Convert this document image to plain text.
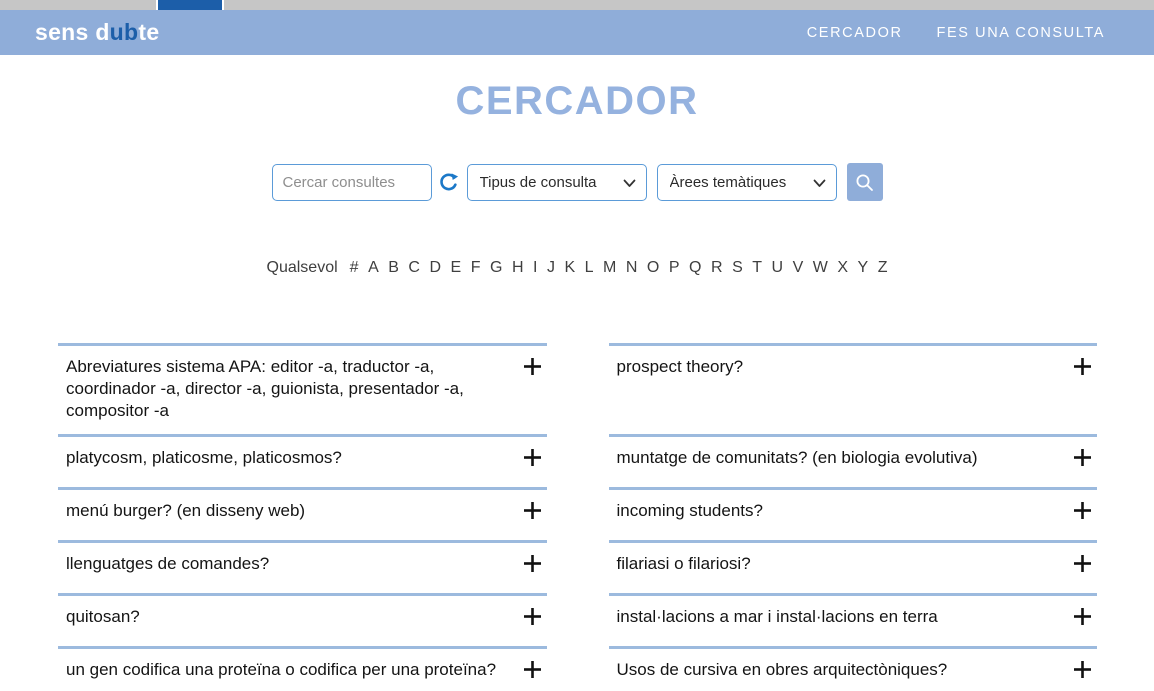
sens dubte	CERCADOR FES UNA CONSULTA
CERCADOR
Cercar consultes
Tipus de consulta
Àrees temàtiques
Qualsevol # A B C D E F G H I J K L M N O P Q R S T U V W X Y Z
Abreviatures sistema APA: editor -a, traductor -a, coordinador -a, director -a, guionista, presentador -a, compositor -a
prospect theory?
platycosm, platicosme, platicosmos?	muntatge de comunitats? (en biologia evolutiva)
menú burger? (en disseny web)	incoming students?
llenguatges de comandes?	filariasi o filariosi?
quitosan?	instal·lacions a mar i instal·lacions en terra
un gen codifica una proteïna o codifica per una proteïna?	Usos de cursiva en obres arquitectòniques?
